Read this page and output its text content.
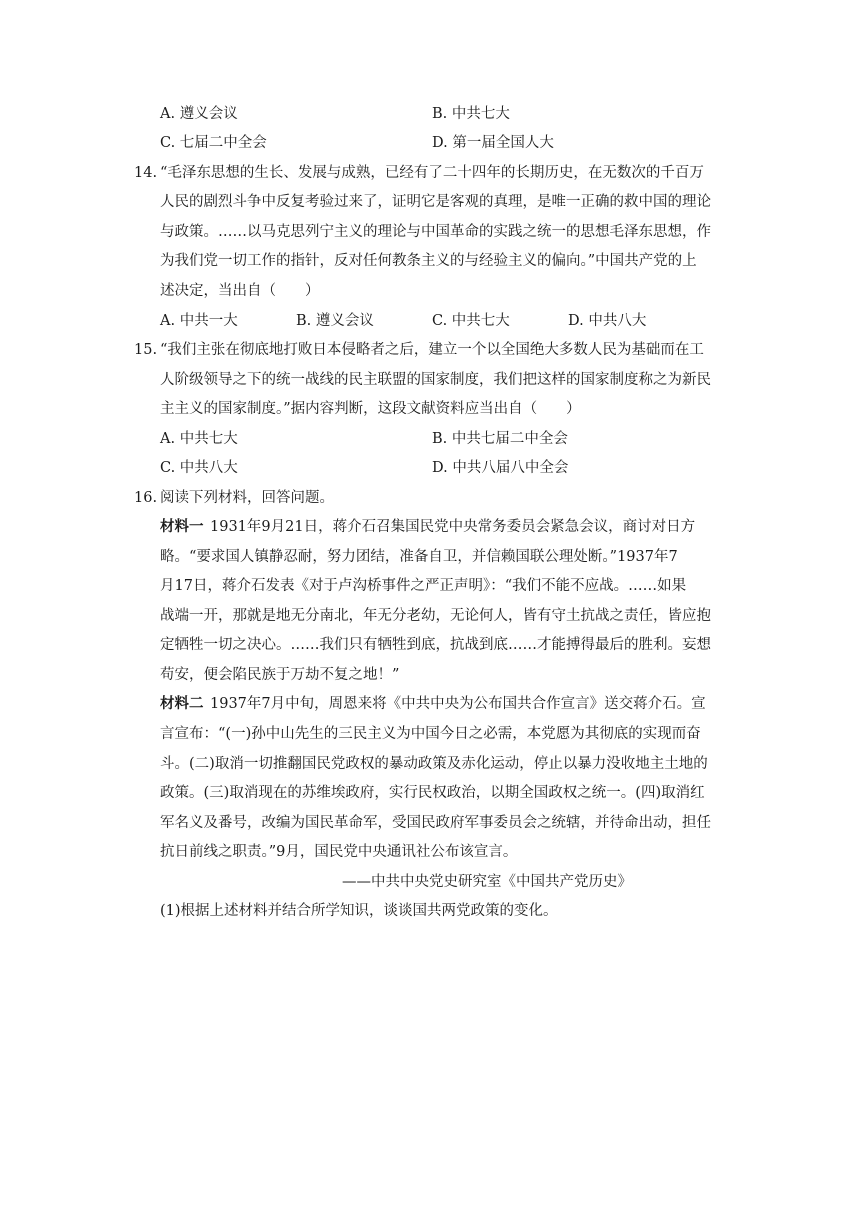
A. 遵义会议	B. 中共七大
C. 七届二中全会	D. 第一届全国人大
14. “毛泽东思想的生长、发展与成熟，已经有了二十四年的长期历史，在无数次的千百万
人民的剧烈斗争中反复考验过来了，证明它是客观的真理，是唯一正确的救中国的理论
与政策。……以马克思列宁主义的理论与中国革命的实践之统一的思想毛泽东思想，作
为我们党一切工作的指针，反对任何教条主义的与经验主义的偏向。”中国共产党的上
述决定，当出自（　　）
A. 中共一大	B. 遵义会议	C. 中共七大	D. 中共八大
15. “我们主张在彻底地打败日本侵略者之后，建立一个以全国绝大多数人民为基础而在工
人阶级领导之下的统一战线的民主联盟的国家制度，我们把这样的国家制度称之为新民
主主义的国家制度。”据内容判断，这段文献资料应当出自（　　）
A. 中共七大	B. 中共七届二中全会
C. 中共八大	D. 中共八届八中全会
16. 阅读下列材料，回答问题。
材料一 1931年9月21日，蒋介石召集国民党中央常务委员会紧急会议，商讨对日方
略。“要求国人镇静忍耐，努力团结，准备自卫，并信赖国联公理处断。”1937年7
月17日，蒋介石发表《对于卢沟桥事件之严正声明》：“我们不能不应战。……如果
战端一开，那就是地无分南北，年无分老幼，无论何人，皆有守土抗战之责任，皆应抱
定牺牲一切之决心。……我们只有牺牲到底，抗战到底……才能搏得最后的胜利。妄想
苟安，便会陷民族于万劫不复之地！”
材料二 1937年7月中旬，周恩来将《中共中央为公布国共合作宣言》送交蒋介石。宣
言宣布：“(一)孙中山先生的三民主义为中国今日之必需，本党愿为其彻底的实现而奋
斗。(二)取消一切推翻国民党政权的暴动政策及赤化运动，停止以暴力没收地主土地的
政策。(三)取消现在的苏维埃政府，实行民权政治，以期全国政权之统一。(四)取消红
军名义及番号，改编为国民革命军，受国民政府军事委员会之统辖，并待命出动，担任
抗日前线之职责。”9月，国民党中央通讯社公布该宣言。
——中共中央党史研究室《中国共产党历史》
(1)根据上述材料并结合所学知识，谈谈国共两党政策的变化。
